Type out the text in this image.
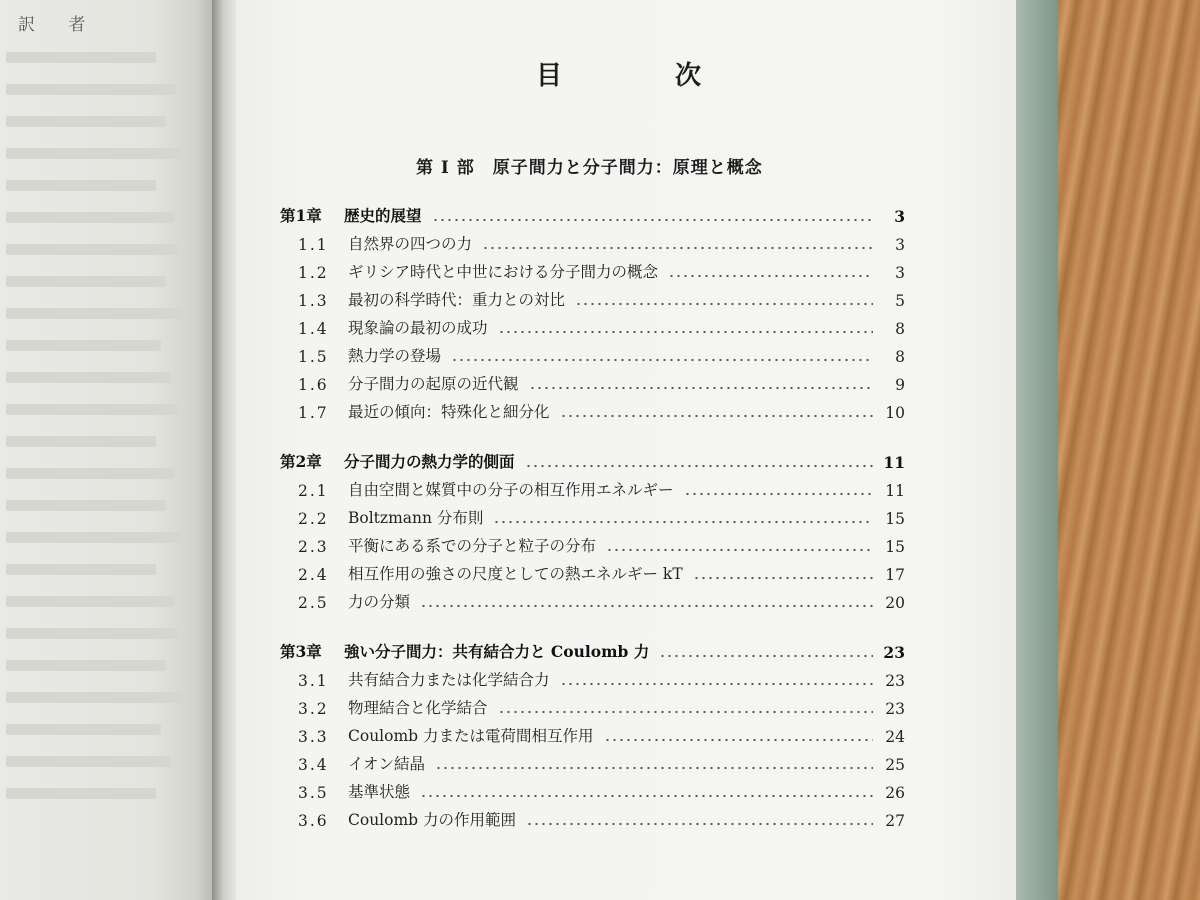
訳 者
目 次
第 I 部　原子間力と分子間力：原理と概念
第1章	歴史的展望	3
1.1	自然界の四つの力	3
1.2	ギリシア時代と中世における分子間力の概念	3
1.3	最初の科学時代：重力との対比	5
1.4	現象論の最初の成功	8
1.5	熱力学の登場	8
1.6	分子間力の起原の近代観	9
1.7	最近の傾向：特殊化と細分化	10
第2章	分子間力の熱力学的側面	11
2.1	自由空間と媒質中の分子の相互作用エネルギー	11
2.2	Boltzmann 分布則	15
2.3	平衡にある系での分子と粒子の分布	15
2.4	相互作用の強さの尺度としての熱エネルギー kT	17
2.5	力の分類	20
第3章	強い分子間力：共有結合力と Coulomb 力	23
3.1	共有結合力または化学結合力	23
3.2	物理結合と化学結合	23
3.3	Coulomb 力または電荷間相互作用	24
3.4	イオン結晶	25
3.5	基準状態	26
3.6	Coulomb 力の作用範囲	27
